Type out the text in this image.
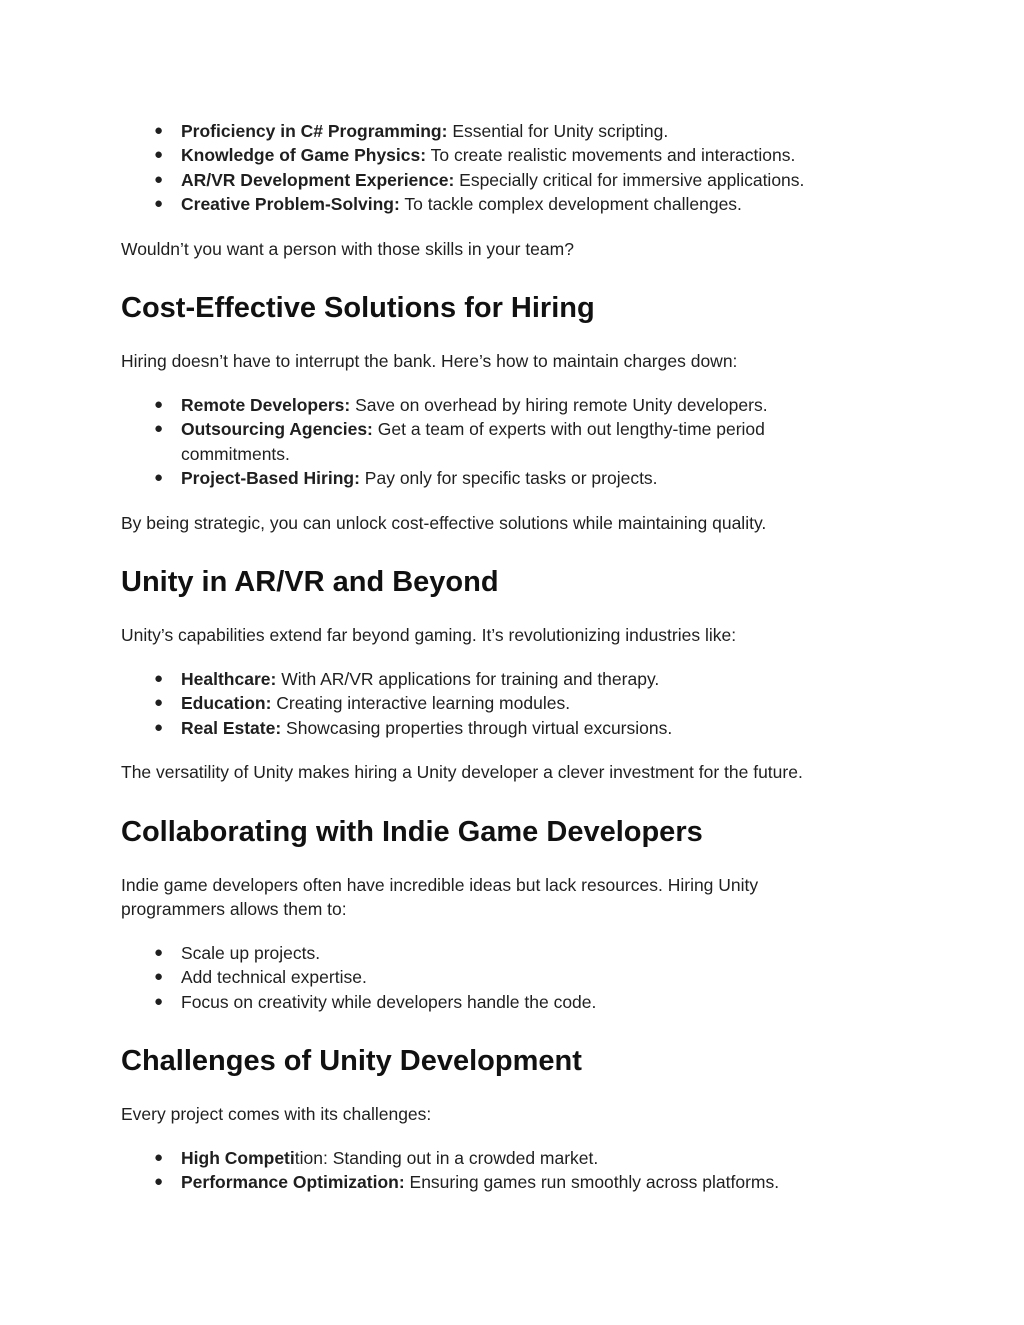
● Proficiency in C# Programming: Essential for Unity scripting.
● Knowledge of Game Physics: To create realistic movements and interactions.
● AR/VR Development Experience: Especially critical for immersive applications.
● Creative Problem-Solving: To tackle complex development challenges.

Wouldn’t you want a person with those skills in your team?

Cost-Effective Solutions for Hiring

Hiring doesn’t have to interrupt the bank. Here’s how to maintain charges down:

● Remote Developers: Save on overhead by hiring remote Unity developers.
● Outsourcing Agencies: Get a team of experts with out lengthy-time period commitments.
● Project-Based Hiring: Pay only for specific tasks or projects.

By being strategic, you can unlock cost-effective solutions while maintaining quality.

Unity in AR/VR and Beyond

Unity’s capabilities extend far beyond gaming. It’s revolutionizing industries like:

● Healthcare: With AR/VR applications for training and therapy.
● Education: Creating interactive learning modules.
● Real Estate: Showcasing properties through virtual excursions.

The versatility of Unity makes hiring a Unity developer a clever investment for the future.

Collaborating with Indie Game Developers

Indie game developers often have incredible ideas but lack resources. Hiring Unity programmers allows them to:

● Scale up projects.
● Add technical expertise.
● Focus on creativity while developers handle the code.
Challenges of Unity Development

Every project comes with its challenges:

● High Competition: Standing out in a crowded market.
● Performance Optimization: Ensuring games run smoothly across platforms.
